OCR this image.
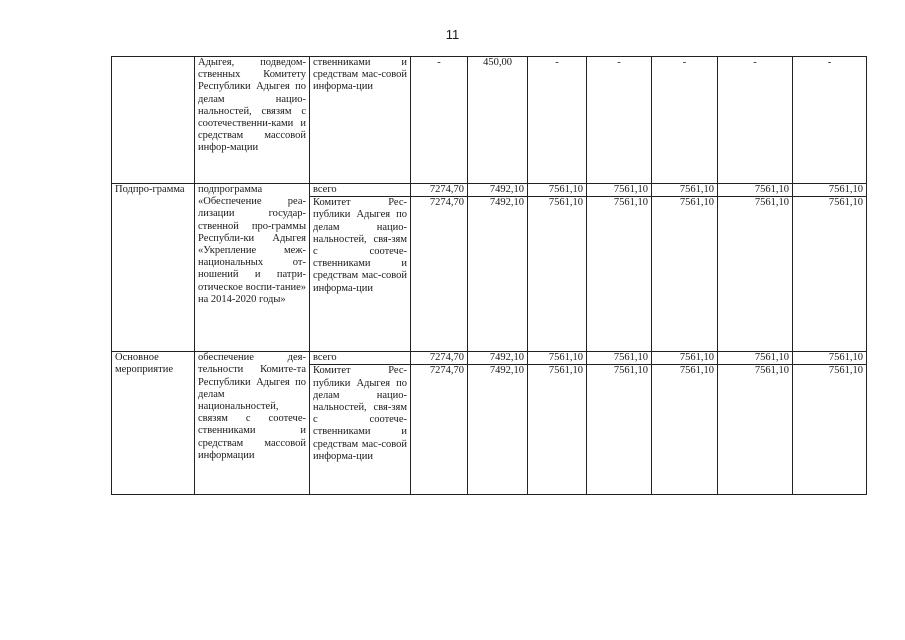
11
	Адыгея, подведом-ственных Комитету Республики Адыгея по делам нацио-нальностей, связям с соотечественни-ками и средствам массовой инфор-мации	ственниками и средствам мас-совой информа-ции	-	450,00	-	-	-	-	-
Подпро-грамма	подпрограмма «Обеспечение реа-лизации государ-ственной про-граммы Республи-ки Адыгея «Укрепление меж-национальных от-ношений и патри-отическое воспи-тание» на 2014-2020 годы»	всего	7274,70	7492,10	7561,10	7561,10	7561,10	7561,10	7561,10
		Комитет Рес-публики Адыгея по делам нацио-нальностей, свя-зям с соотече-ственниками и средствам мас-совой информа-ции	7274,70	7492,10	7561,10	7561,10	7561,10	7561,10	7561,10
Основное мероприятие	обеспечение дея-тельности Комите-та Республики Адыгея по делам национальностей, связям с соотече-ственниками и средствам массовой информации	всего	7274,70	7492,10	7561,10	7561,10	7561,10	7561,10	7561,10
		Комитет Рес-публики Адыгея по делам нацио-нальностей, свя-зям с соотече-ственниками и средствам мас-совой информа-ции	7274,70	7492,10	7561,10	7561,10	7561,10	7561,10	7561,10
